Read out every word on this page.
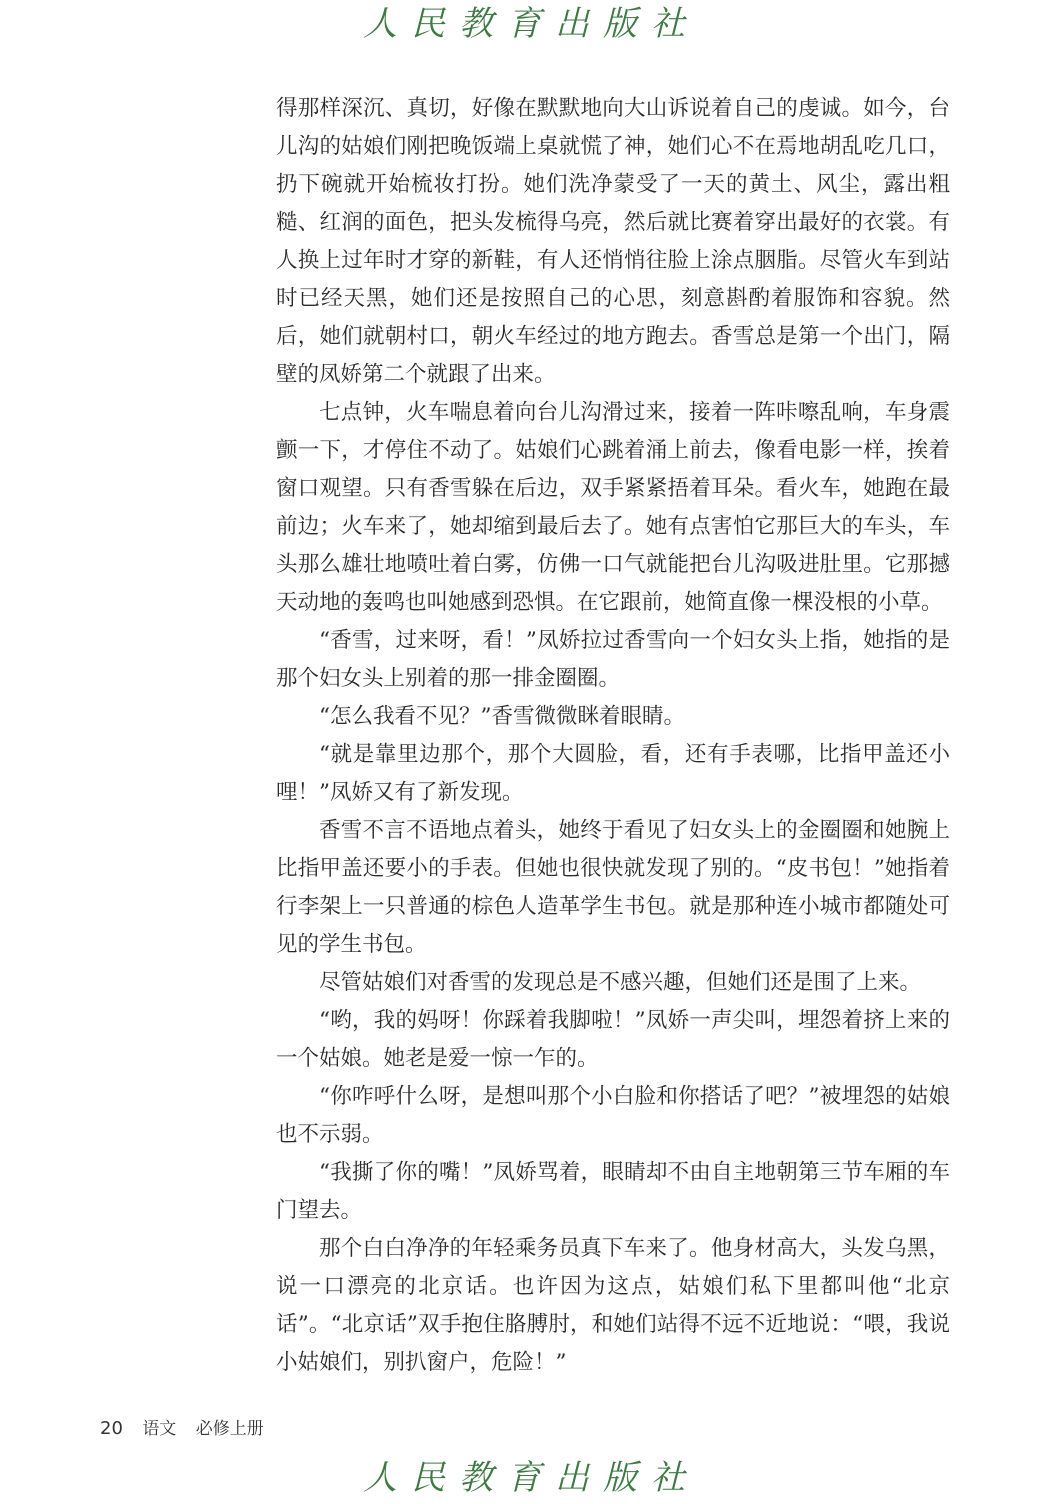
人民教育出版社

得那样深沉、真切，好像在默默地向大山诉说着自己的虔诚。如今，台儿沟的姑娘们刚把晚饭端上桌就慌了神，她们心不在焉地胡乱吃几口，扔下碗就开始梳妆打扮。她们洗净蒙受了一天的黄土、风尘，露出粗糙、红润的面色，把头发梳得乌亮，然后就比赛着穿出最好的衣裳。有人换上过年时才穿的新鞋，有人还悄悄往脸上涂点胭脂。尽管火车到站时已经天黑，她们还是按照自己的心思，刻意斟酌着服饰和容貌。然后，她们就朝村口，朝火车经过的地方跑去。香雪总是第一个出门，隔壁的凤娇第二个就跟了出来。

七点钟，火车喘息着向台儿沟滑过来，接着一阵咔嚓乱响，车身震颤一下，才停住不动了。姑娘们心跳着涌上前去，像看电影一样，挨着窗口观望。只有香雪躲在后边，双手紧紧捂着耳朵。看火车，她跑在最前边；火车来了，她却缩到最后去了。她有点害怕它那巨大的车头，车头那么雄壮地喷吐着白雾，仿佛一口气就能把台儿沟吸进肚里。它那撼天动地的轰鸣也叫她感到恐惧。在它跟前，她简直像一棵没根的小草。

“香雪，过来呀，看！”凤娇拉过香雪向一个妇女头上指，她指的是那个妇女头上别着的那一排金圈圈。

“怎么我看不见？”香雪微微眯着眼睛。

“就是靠里边那个，那个大圆脸，看，还有手表哪，比指甲盖还小哩！”凤娇又有了新发现。

香雪不言不语地点着头，她终于看见了妇女头上的金圈圈和她腕上比指甲盖还要小的手表。但她也很快就发现了别的。“皮书包！”她指着行李架上一只普通的棕色人造革学生书包。就是那种连小城市都随处可见的学生书包。

尽管姑娘们对香雪的发现总是不感兴趣，但她们还是围了上来。

“哟，我的妈呀！你踩着我脚啦！”凤娇一声尖叫，埋怨着挤上来的一个姑娘。她老是爱一惊一乍的。

“你咋呼什么呀，是想叫那个小白脸和你搭话了吧？”被埋怨的姑娘也不示弱。

“我撕了你的嘴！”凤娇骂着，眼睛却不由自主地朝第三节车厢的车门望去。

那个白白净净的年轻乘务员真下车来了。他身材高大，头发乌黑，说一口漂亮的北京话。也许因为这点，姑娘们私下里都叫他“北京话”。“北京话”双手抱住胳膊肘，和她们站得不远不近地说：“喂，我说小姑娘们，别扒窗户，危险！”

20 语文 必修上册
人民教育出版社
